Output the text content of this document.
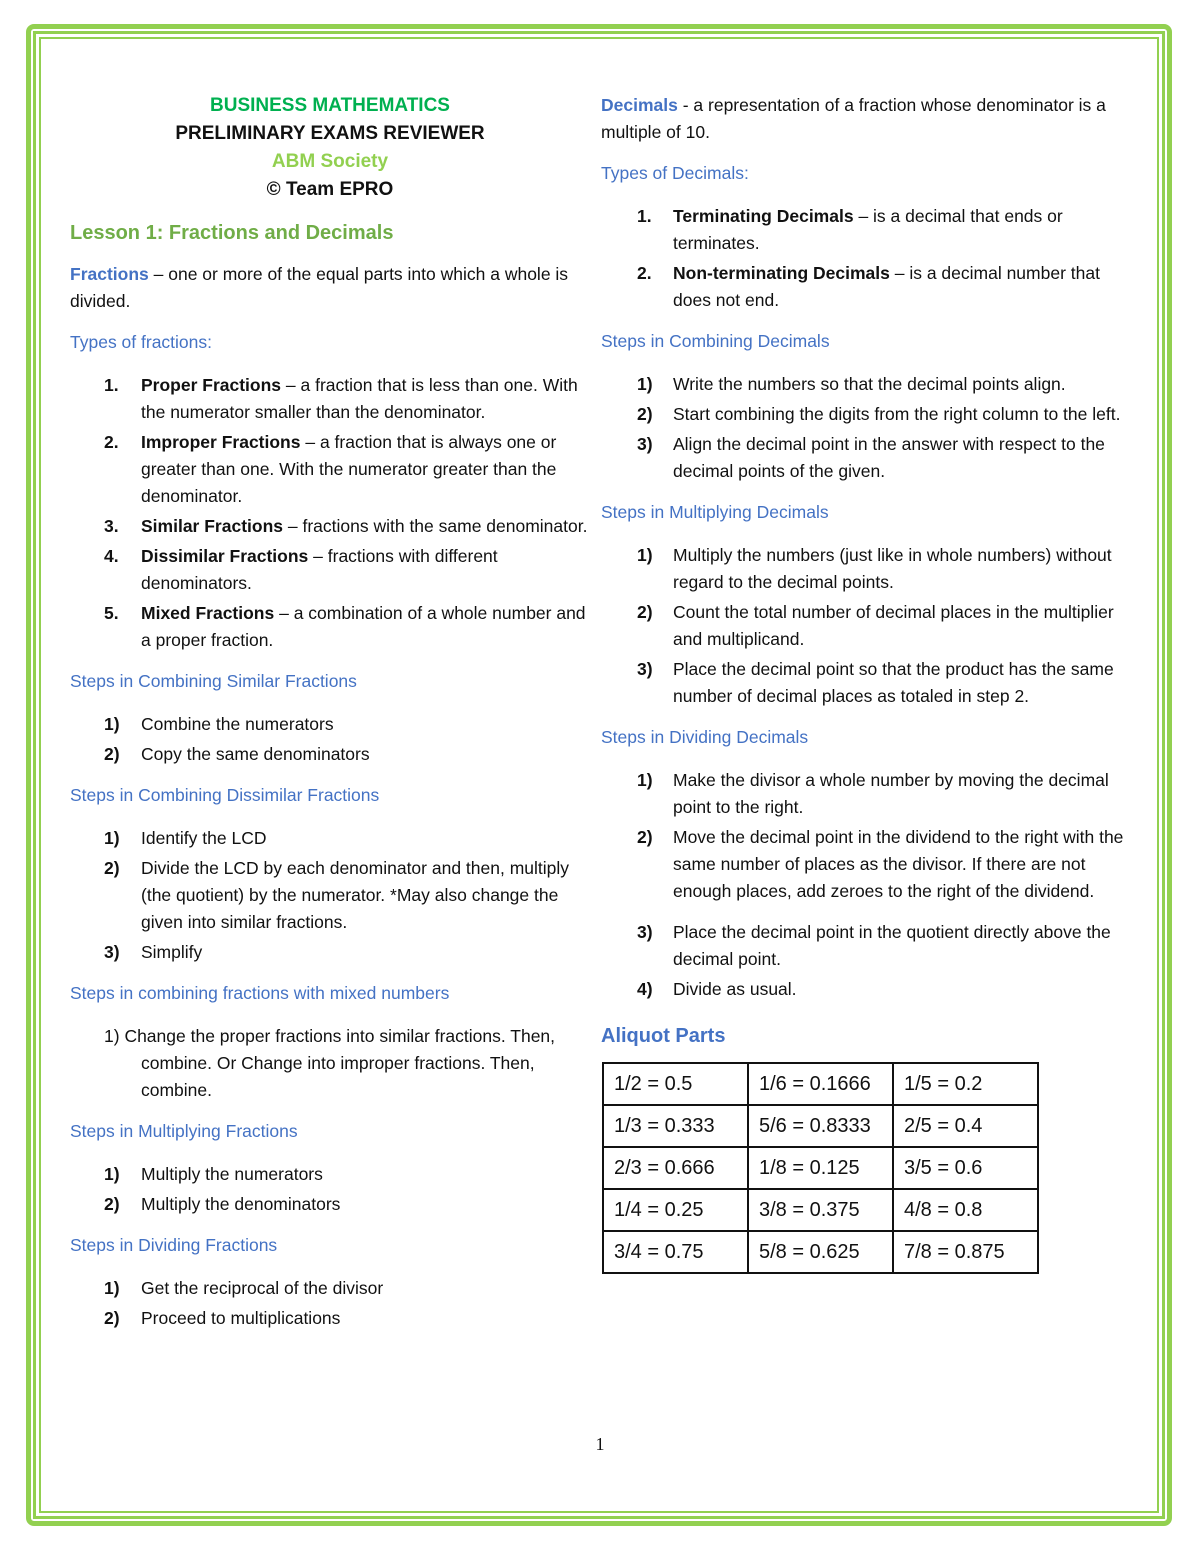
BUSINESS MATHEMATICS
PRELIMINARY EXAMS REVIEWER
ABM Society
© Team EPRO
Lesson 1: Fractions and Decimals

Fractions – one or more of the equal parts into which a whole is divided.

Types of fractions:
1. Proper Fractions – a fraction that is less than one. With the numerator smaller than the denominator.
2. Improper Fractions – a fraction that is always one or greater than one. With the numerator greater than the denominator.
3. Similar Fractions – fractions with the same denominator.
4. Dissimilar Fractions – fractions with different denominators.
5. Mixed Fractions – a combination of a whole number and a proper fraction.
Steps in Combining Similar Fractions
1) Combine the numerators
2) Copy the same denominators
Steps in Combining Dissimilar Fractions
1) Identify the LCD
2) Divide the LCD by each denominator and then, multiply (the quotient) by the numerator. *May also change the given into similar fractions.
3) Simplify
Steps in combining fractions with mixed numbers
1) Change the proper fractions into similar fractions. Then, combine. Or Change into improper fractions. Then, combine.
Steps in Multiplying Fractions
1) Multiply the numerators
2) Multiply the denominators
Steps in Dividing Fractions
1) Get the reciprocal of the divisor
2) Proceed to multiplications

Decimals - a representation of a fraction whose denominator is a multiple of 10.

Types of Decimals:
1. Terminating Decimals – is a decimal that ends or terminates.
2. Non-terminating Decimals – is a decimal number that does not end.
Steps in Combining Decimals
1) Write the numbers so that the decimal points align.
2) Start combining the digits from the right column to the left.
3) Align the decimal point in the answer with respect to the decimal points of the given.
Steps in Multiplying Decimals
1) Multiply the numbers (just like in whole numbers) without regard to the decimal points.
2) Count the total number of decimal places in the multiplier and multiplicand.
3) Place the decimal point so that the product has the same number of decimal places as totaled in step 2.
Steps in Dividing Decimals
1) Make the divisor a whole number by moving the decimal point to the right.
2) Move the decimal point in the dividend to the right with the same number of places as the divisor. If there are not enough places, add zeroes to the right of the dividend.
3) Place the decimal point in the quotient directly above the decimal point.
4) Divide as usual.
Aliquot Parts
1/2 = 0.5	1/6 = 0.1666	1/5 = 0.2
1/3 = 0.333	5/6 = 0.8333	2/5 = 0.4
2/3 = 0.666	1/8 = 0.125	3/5 = 0.6
1/4 = 0.25	3/8 = 0.375	4/8 = 0.8
3/4 = 0.75	5/8 = 0.625	7/8 = 0.875
1
